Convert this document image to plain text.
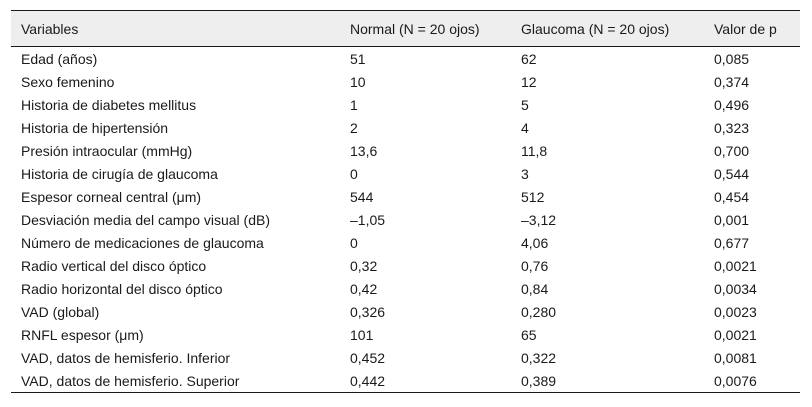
Variables	Normal (N = 20 ojos)	Glaucoma (N = 20 ojos)	Valor de p
Edad (años)	51	62	0,085
Sexo femenino	10	12	0,374
Historia de diabetes mellitus	1	5	0,496
Historia de hipertensión	2	4	0,323
Presión intraocular (mmHg)	13,6	11,8	0,700
Historia de cirugía de glaucoma	0	3	0,544
Espesor corneal central (μm)	544	512	0,454
Desviación media del campo visual (dB)	–1,05	–3,12	0,001
Número de medicaciones de glaucoma	0	4,06	0,677
Radio vertical del disco óptico	0,32	0,76	0,0021
Radio horizontal del disco óptico	0,42	0,84	0,0034
VAD (global)	0,326	0,280	0,0023
RNFL espesor (μm)	101	65	0,0021
VAD, datos de hemisferio. Inferior	0,452	0,322	0,0081
VAD, datos de hemisferio. Superior	0,442	0,389	0,0076
